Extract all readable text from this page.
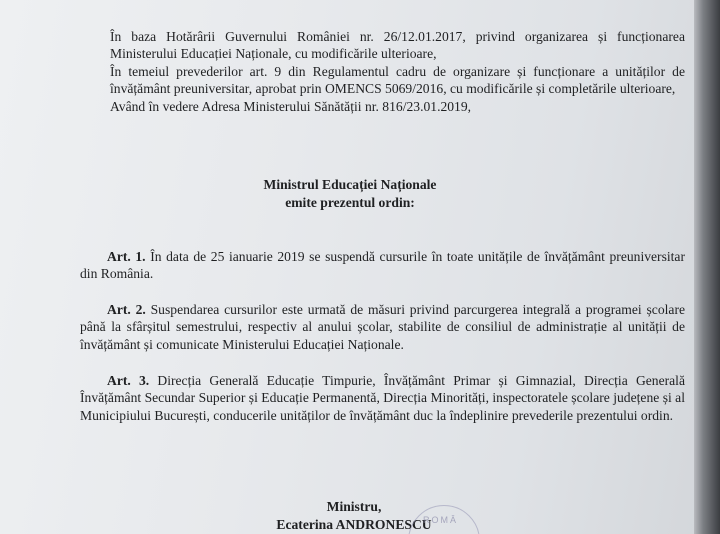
În baza Hotărârii Guvernului României nr. 26/12.01.2017, privind organizarea și funcționarea Ministerului Educației Naționale, cu modificările ulterioare,

În temeiul prevederilor art. 9 din Regulamentul cadru de organizare și funcționare a unităților de învățământ preuniversitar, aprobat prin OMENCS 5069/2016, cu modificările și completările ulterioare,

Având în vedere Adresa Ministerului Sănătății nr. 816/23.01.2019,

Ministrul Educației Naționale

emite prezentul ordin:

Art. 1. În data de 25 ianuarie 2019 se suspendă cursurile în toate unitățile de învățământ preuniversitar din România.

Art. 2. Suspendarea cursurilor este urmată de măsuri privind parcurgerea integrală a programei școlare până la sfârșitul semestrului, respectiv al anului școlar, stabilite de consiliul de administrație al unității de învățământ și comunicate Ministerului Educației Naționale.

Art. 3. Direcția Generală Educație Timpurie, Învățământ Primar și Gimnazial, Direcția Generală Învățământ Secundar Superior și Educație Permanentă, Direcția Minorități, inspectoratele școlare județene și al Municipiului București, conducerile unităților de învățământ duc la îndeplinire prevederile prezentului ordin.

Ministru,

Ecaterina ANDRONESCU

ROMÂ
